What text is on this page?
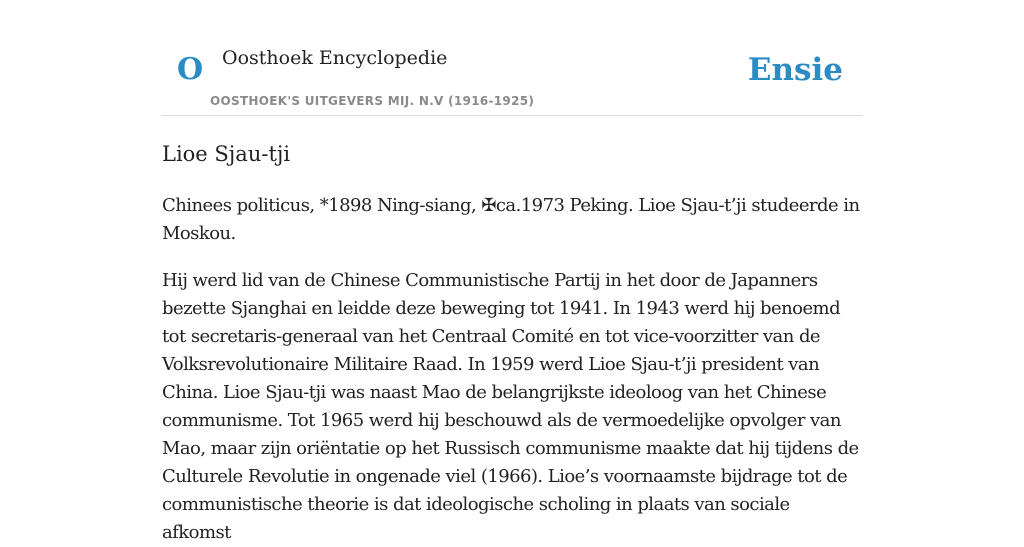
O Oosthoek Encyclopedie
OOSTHOEK'S UITGEVERS MIJ. N.V (1916-1925)
Ensie
Lioe Sjau-tji

Chinees politicus, *1898 Ning-siang, ✠ca.1973 Peking. Lioe Sjau-t’ji studeerde in Moskou.

Hij werd lid van de Chinese Communistische Partij in het door de Japanners bezette Sjanghai en leidde deze beweging tot 1941. In 1943 werd hij benoemd tot secretaris-generaal van het Centraal Comité en tot vice-voorzitter van de Volksrevolutionaire Militaire Raad. In 1959 werd Lioe Sjau-t’ji president van China. Lioe Sjau-tji was naast Mao de belangrijkste ideoloog van het Chinese communisme. Tot 1965 werd hij beschouwd als de vermoedelijke opvolger van Mao, maar zijn oriëntatie op het Russisch communisme maakte dat hij tijdens de Culturele Revolutie in ongenade viel (1966). Lioe’s voornaamste bijdrage tot de communistische theorie is dat ideologische scholing in plaats van sociale afkomst
